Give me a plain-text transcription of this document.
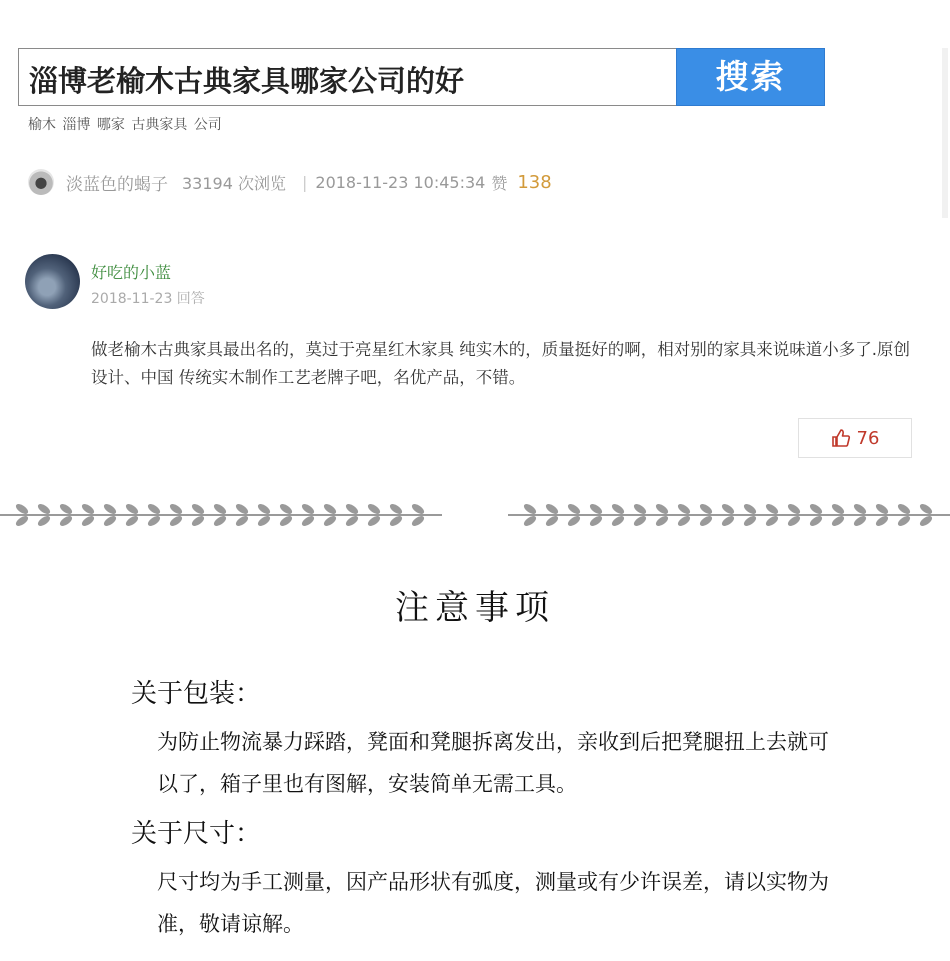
淄博老榆木古典家具哪家公司的好	搜索
榆木 淄博 哪家 古典家具 公司
淡蓝色的蝎子 33194 次浏览 | 2018-11-23 10:45:34 赞 138
好吃的小蓝
2018-11-23 回答
做老榆木古典家具最出名的，莫过于亮星红木家具 纯实木的，质量挺好的啊，相对别的家具来说味道小多了.原创设计、中国 传统实木制作工艺老牌子吧，名优产品，不错。
76
注意事项
关于包装：
为防止物流暴力踩踏，凳面和凳腿拆离发出，亲收到后把凳腿扭上去就可以了，箱子里也有图解，安装简单无需工具。
关于尺寸：
尺寸均为手工测量，因产品形状有弧度，测量或有少许误差，请以实物为准，敬请谅解。
